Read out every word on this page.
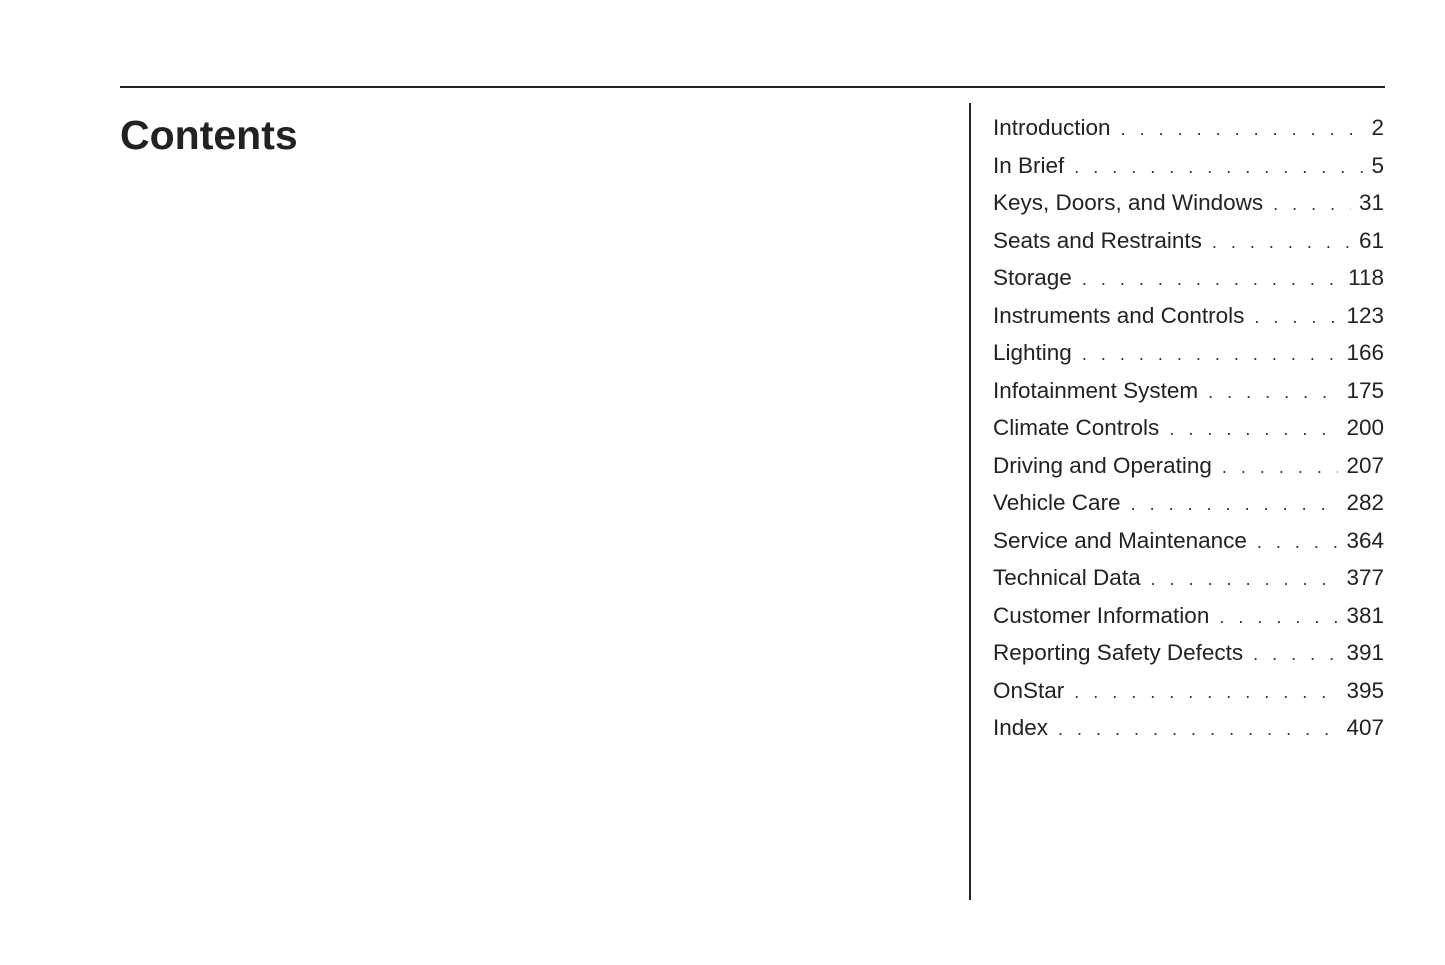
Contents	Introduction . . .	2
In Brief . . .	5
Keys, Doors, and Windows . . .	31
Seats and Restraints . . .	61
Storage . . .	118
Instruments and Controls . . .	123
Lighting . . .	166
Infotainment System . . .	175
Climate Controls . . .	200
Driving and Operating . . .	207
Vehicle Care . . .	282
Service and Maintenance . . .	364
Technical Data . . .	377
Customer Information . . .	381
Reporting Safety Defects . . .	391
OnStar . . .	395
Index . . .	407
